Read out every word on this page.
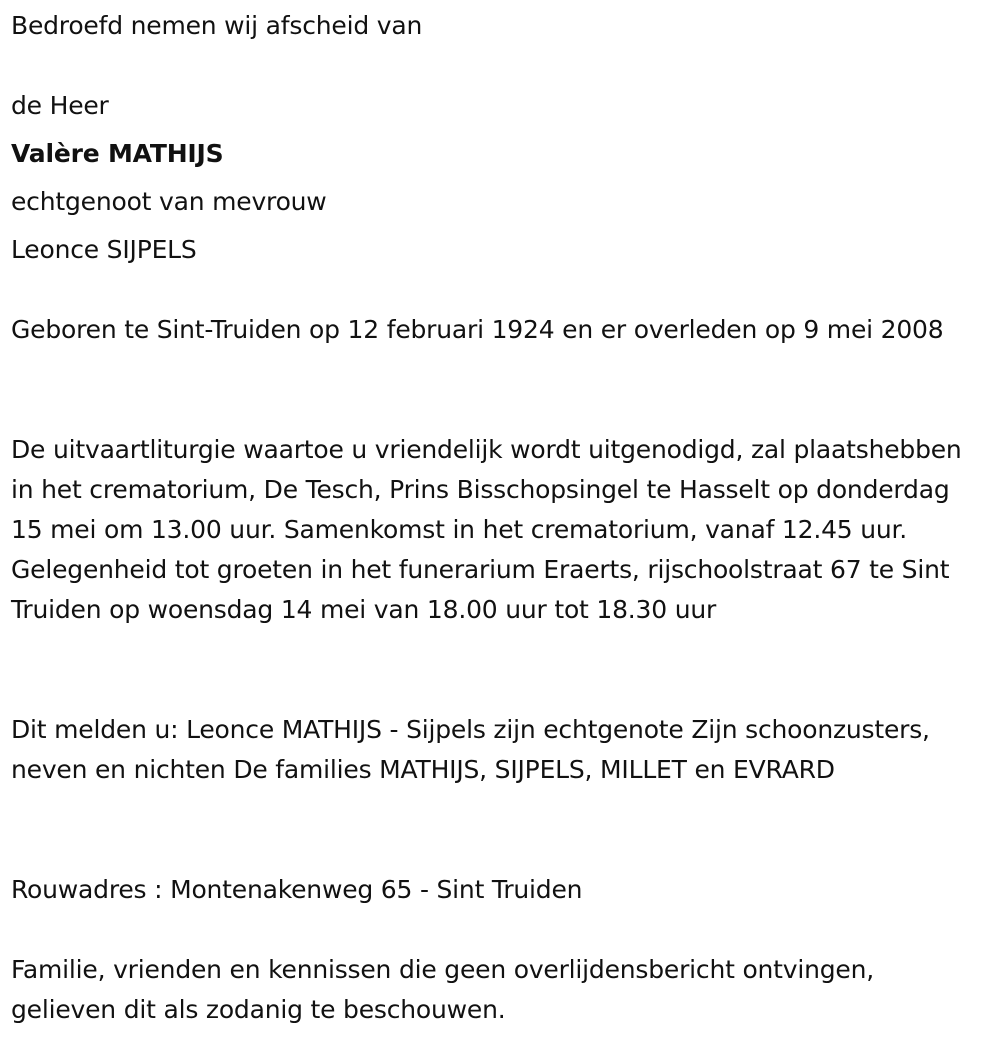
Bedroefd nemen wij afscheid van
de Heer
Valère MATHIJS
echtgenoot van mevrouw
Leonce SIJPELS
Geboren te Sint-Truiden op 12 februari 1924 en er overleden op 9 mei 2008
De uitvaartliturgie waartoe u vriendelijk wordt uitgenodigd, zal plaatshebben in het crematorium, De Tesch, Prins Bisschopsingel te Hasselt op donderdag 15 mei om 13.00 uur. Samenkomst in het crematorium, vanaf 12.45 uur. Gelegenheid tot groeten in het funerarium Eraerts, rijschoolstraat 67 te Sint Truiden op woensdag 14 mei van 18.00 uur tot 18.30 uur
Dit melden u: Leonce MATHIJS - Sijpels zijn echtgenote Zijn schoonzusters, neven en nichten De families MATHIJS, SIJPELS, MILLET en EVRARD
Rouwadres : Montenakenweg 65 - Sint Truiden
Familie, vrienden en kennissen die geen overlijdensbericht ontvingen, gelieven dit als zodanig te beschouwen.
